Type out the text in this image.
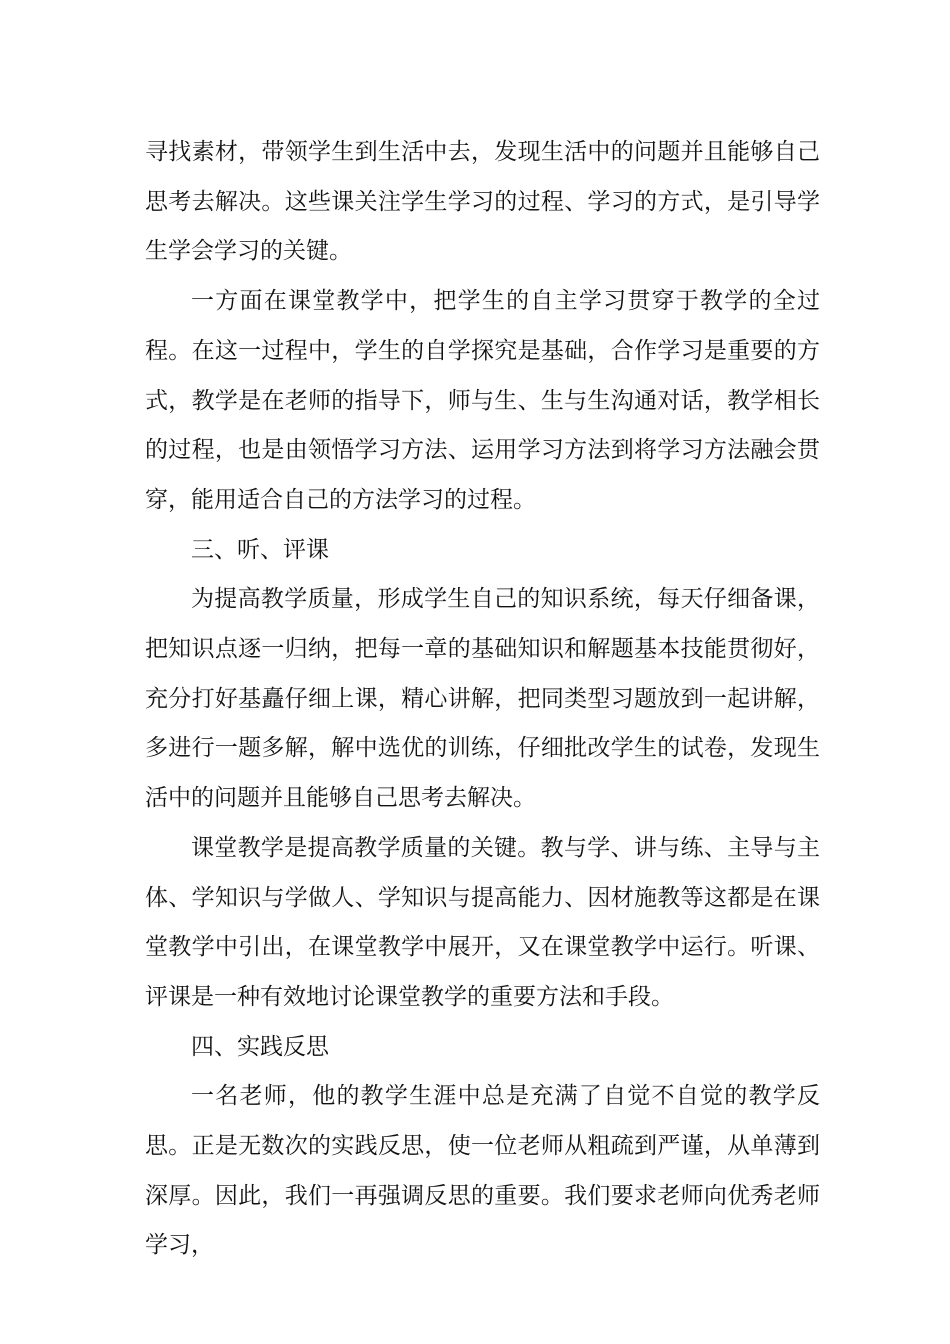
寻找素材，带领学生到生活中去，发现生活中的问题并且能够自己思考去解决。这些课关注学生学习的过程、学习的方式，是引导学生学会学习的关键。

一方面在课堂教学中，把学生的自主学习贯穿于教学的全过程。在这一过程中，学生的自学探究是基础，合作学习是重要的方式，教学是在老师的指导下，师与生、生与生沟通对话，教学相长的过程，也是由领悟学习方法、运用学习方法到将学习方法融会贯穿，能用适合自己的方法学习的过程。

三、听、评课

为提高教学质量，形成学生自己的知识系统，每天仔细备课，把知识点逐一归纳，把每一章的基础知识和解题基本技能贯彻好，充分打好基矗仔细上课，精心讲解，把同类型习题放到一起讲解，多进行一题多解，解中选优的训练，仔细批改学生的试卷，发现生活中的问题并且能够自己思考去解决。

课堂教学是提高教学质量的关键。教与学、讲与练、主导与主体、学知识与学做人、学知识与提高能力、因材施教等这都是在课堂教学中引出，在课堂教学中展开，又在课堂教学中运行。听课、评课是一种有效地讨论课堂教学的重要方法和手段。

四、实践反思

一名老师，他的教学生涯中总是充满了自觉不自觉的教学反思。正是无数次的实践反思，使一位老师从粗疏到严谨，从单薄到深厚。因此，我们一再强调反思的重要。我们要求老师向优秀老师学习，
